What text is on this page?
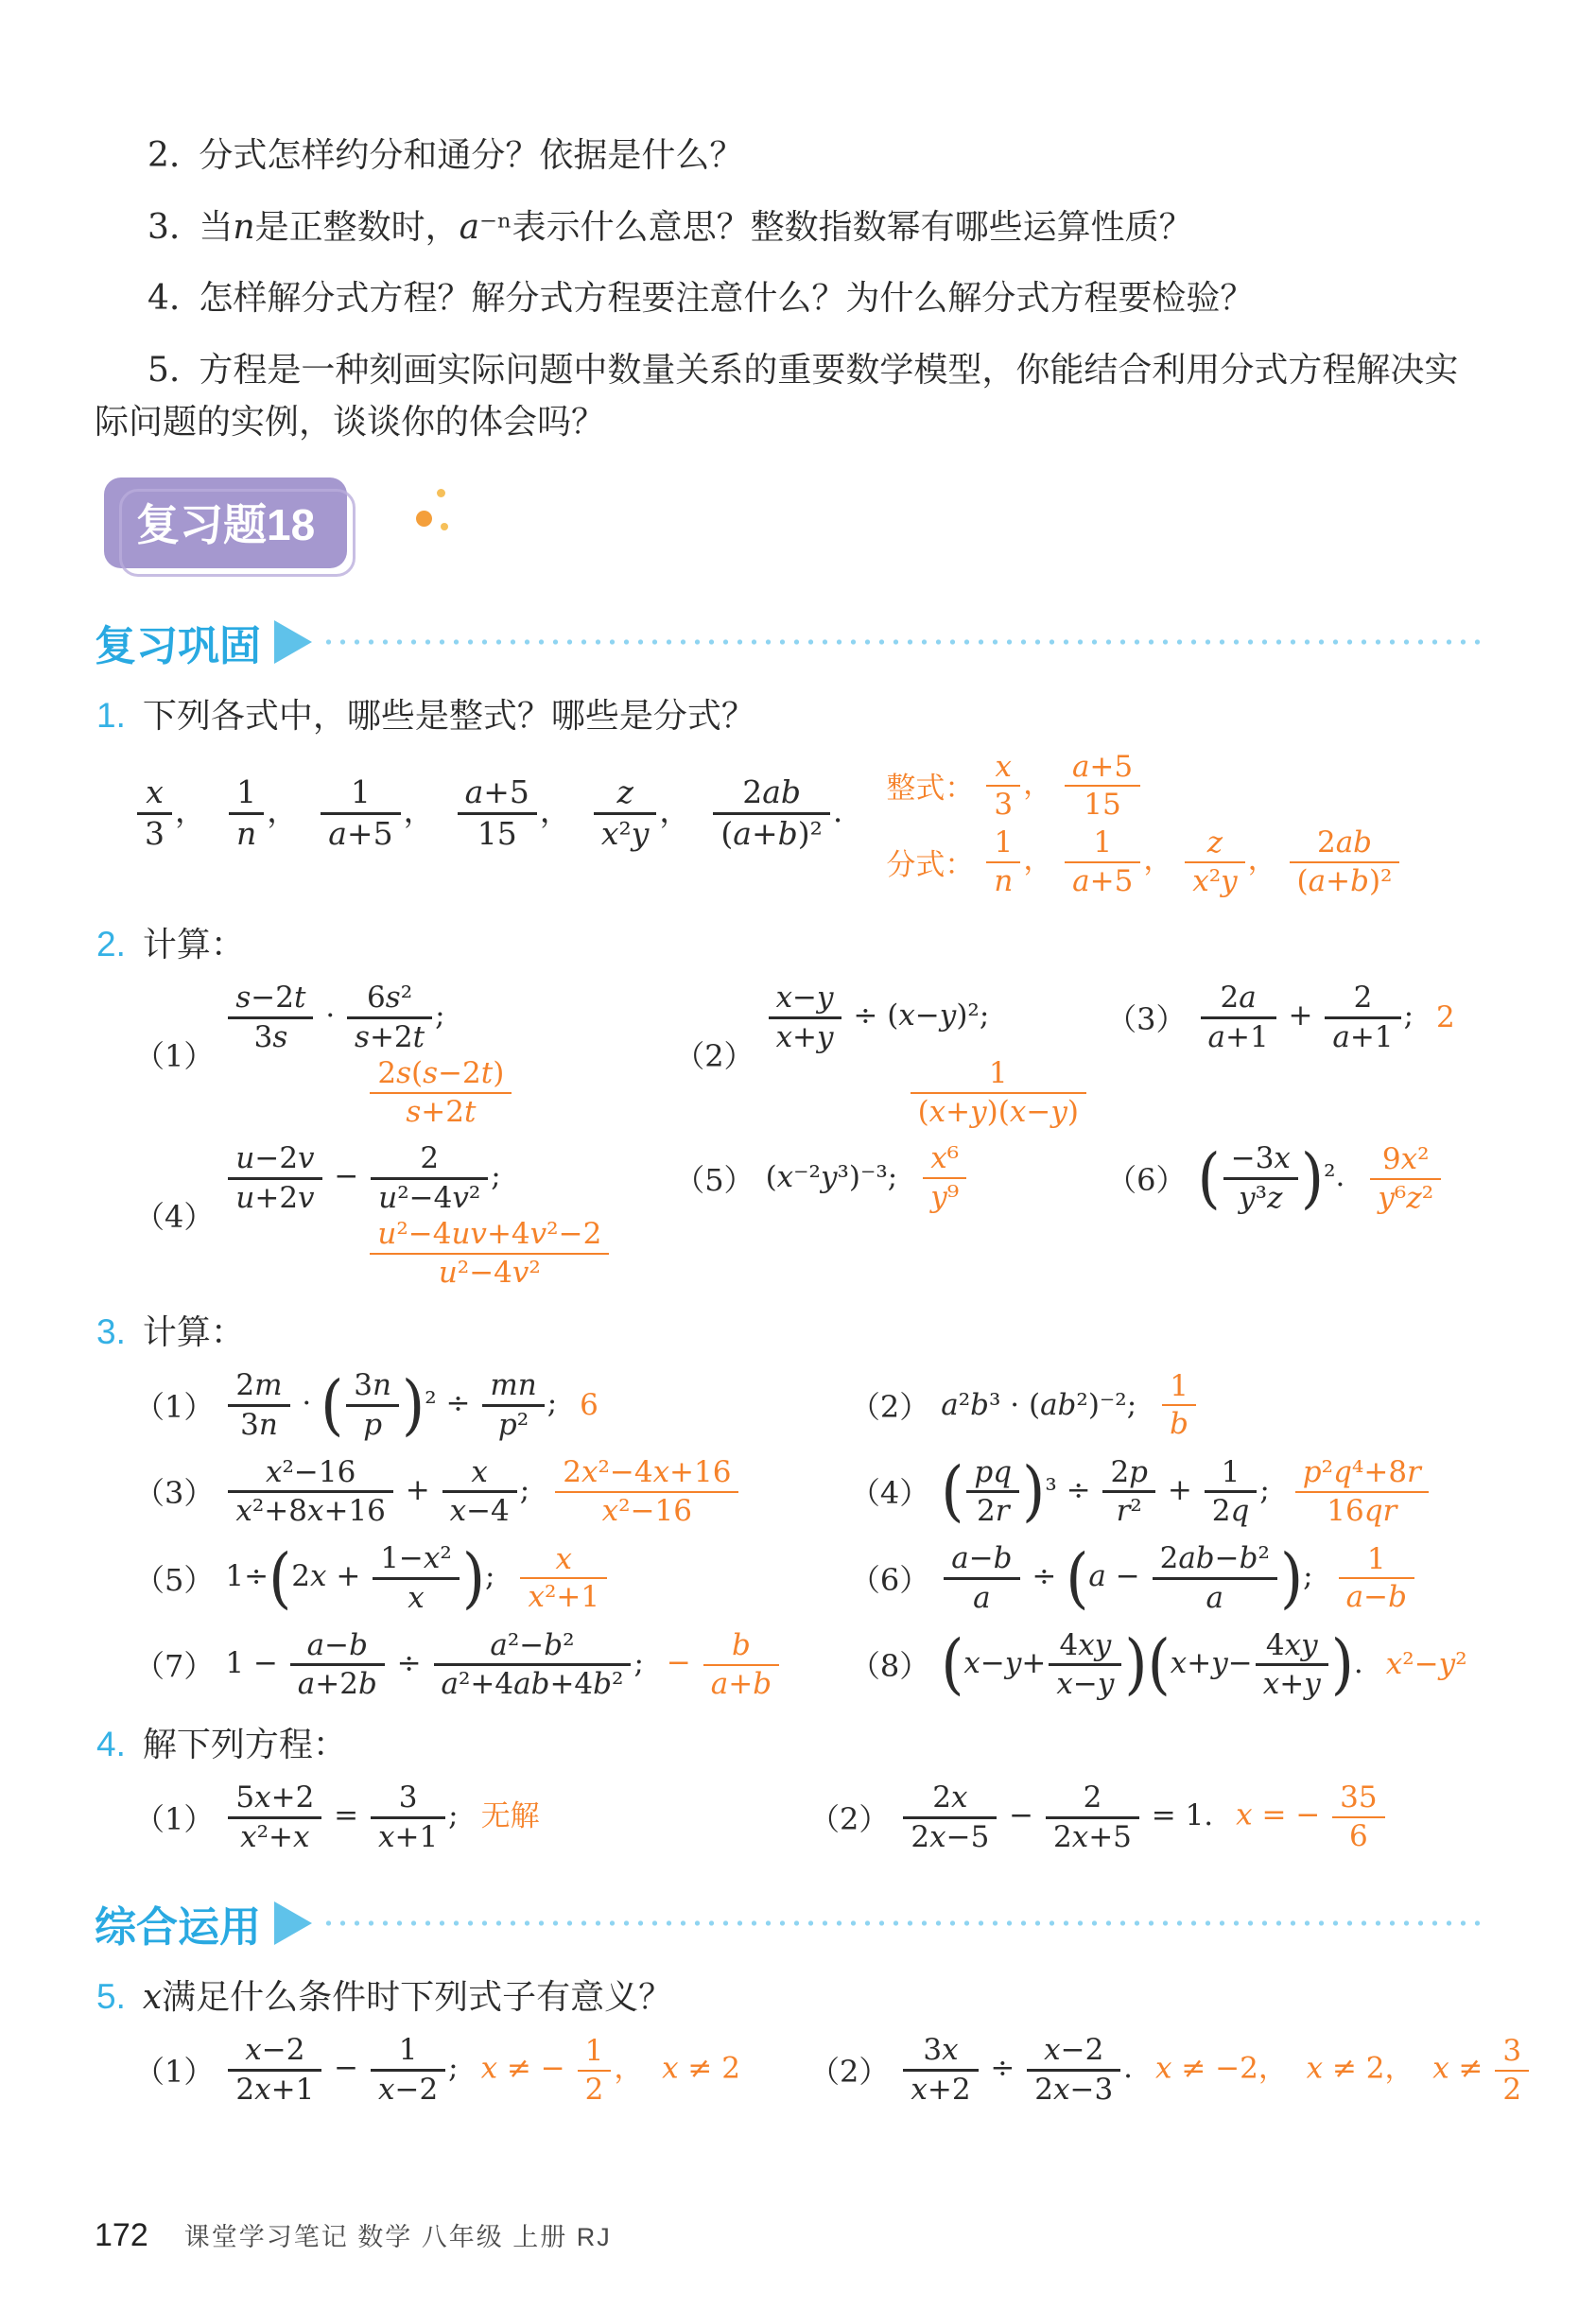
2. 分式怎样约分和通分？依据是什么？

3. 当n是正整数时，a⁻ⁿ表示什么意思？整数指数幂有哪些运算性质？

4. 怎样解分式方程？解分式方程要注意什么？为什么解分式方程要检验？

5. 方程是一种刻画实际问题中数量关系的重要数学模型，你能结合利用分式方程解决实际问题的实例，谈谈你的体会吗？

复习题18
复习巩固

1. 下列各式中，哪些是整式？哪些是分式？

$\frac{x}{3}$ ， $\frac{1}{n}$ ， $\frac{1}{a+5}$ ， $\frac{a+5}{15}$ ， $\frac{z}{\text{x²y}}$ ， $\frac{2ab}{\text{(a+b)²}}$ .
整式： $\frac{x}{3}$ ， $\frac{a+5}{15}$
分式： $\frac{1}{n}$ ， $\frac{1}{a+5}$ ， $\frac{z}{\text{x²y}}$ ， $\frac{2ab}{\text{(a+b)²}}$

2. 计算：

（1）
$\frac{s-2t}{3s} \cdot \frac{\text{6s²}}{s+2t}$ ;
$\frac{2s(s-2t)}{s+2t}$	（2）
$\frac{x-y}{x+y} \div (x-y)^2$;
$\frac{1}{(x+y)(x-y)}$
$(3) \frac{2a}{a+1} + \frac{2}{a+1}$ ; 2
（4）
$\frac{u-2v}{u+2v} - \frac{2}{\text{u²−4v²}}$ ;
$\frac{\text{u²−4uv+4v²−2}}{\text{u²−4v²}}$
（5） (x⁻²y³)⁻³; $\frac{\text{x⁶}}{\text{y⁹}}$	（6） ( $\frac{-3x}{\text{y³z}} )^2$. $\frac{\text{9x²}}{\text{y⁶z²}}$

3. 计算：

$(1) \frac{2m}{3n}$ · ( $\frac{3n}{p} )^2 \div \frac{mn}{\text{p²}}$ ; 6	（2） a²b³ · (ab²)⁻²; $\frac{1}{b}$
$(3) \frac{\text{x²−16}}{\text{x²+8x+16}} + \frac{x}{x-4}$ ; $\frac{\text{2x²−4x+16}}{\text{x²−16}}$	（4） ( $\frac{pq}{2r} )^3 \div \frac{2p}{\text{r²}} + \frac{1}{2q}$ ; $\frac{\text{p²q⁴+8r}}{16qr}$
（5） $1\div(2x + \frac{\text{1−x²}}{x}$ ); $\frac{x}{\text{x²+1}}$	$(6) \frac{a-b}{a} \div (a - \frac{\text{2ab−b²}}{a}$ ); $\frac{1}{a-b}$
（7） $1 - \frac{a-b}{a+2b} \div \frac{\text{a²−b²}}{\text{a²+4ab+4b²}}$ ; − $\frac{b}{a+b} (8)$ $(x-y+ \frac{4xy}{x-y} )(x+y- \frac{4xy}{x+y}$ ). x²−y²

4. 解下列方程：

$(1) \frac{5x+2}{\text{x²+x}} = \frac{3}{x+1}$ ; 无解	$(2) \frac{2x}{2x-5} - \frac{2}{2x+5} = 1$. x = − $\frac{35}{6}$
综合运用

5. x满足什么条件时下列式子有意义？

$(1) \frac{x-2}{2x+1} - \frac{1}{x-2}$ ; x ≠ − $\frac{1}{2}$ ，  x ≠ 2 $(2) \frac{3x}{x+2} \div \frac{x-2}{2x-3}$ . x ≠ −2，  x ≠ 2，  $x \ne \frac{3}{2}$
172 课堂学习笔记 数学 八年级 上册 RJ
